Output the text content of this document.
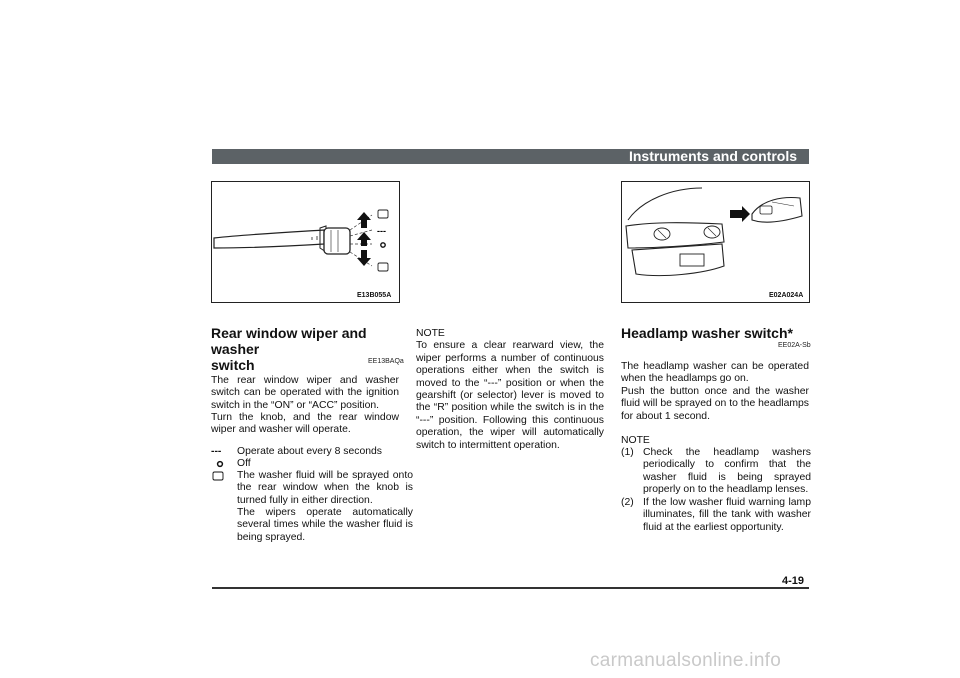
Instruments and controls
---
E13B055A	E02A024A
Rear window wiper and washer
switch	EE13BAQa

The rear window wiper and washer switch can be operated with the ignition switch in the “ON” or “ACC” position.

Turn the knob, and the rear window wiper and washer will operate.

---	Operate about every 8 seconds
Off
The washer fluid will be sprayed onto the rear window when the knob is turned fully in either direction.
The wipers operate automatically several times while the washer fluid is being sprayed.
NOTE
To ensure a clear rearward view, the wiper performs a number of continuous operations either when the switch is moved to the “---” position or when the gearshift (or selector) lever is moved to the “R” position while the switch is in the “---” position. Following this continuous operation, the wiper will automatically switch to intermittent operation.
Headlamp washer switch*
EE02A-Sb

The headlamp washer can be operated when the headlamps go on.

Push the button once and the washer fluid will be sprayed on to the headlamps for about 1 second.

NOTE
(1) Check the headlamp washers periodically to confirm that the washer fluid is being sprayed properly on to the headlamp lenses.
(2) If the low washer fluid warning lamp illuminates, fill the tank with washer fluid at the earliest opportunity.
4-19
carmanualsonline.info
